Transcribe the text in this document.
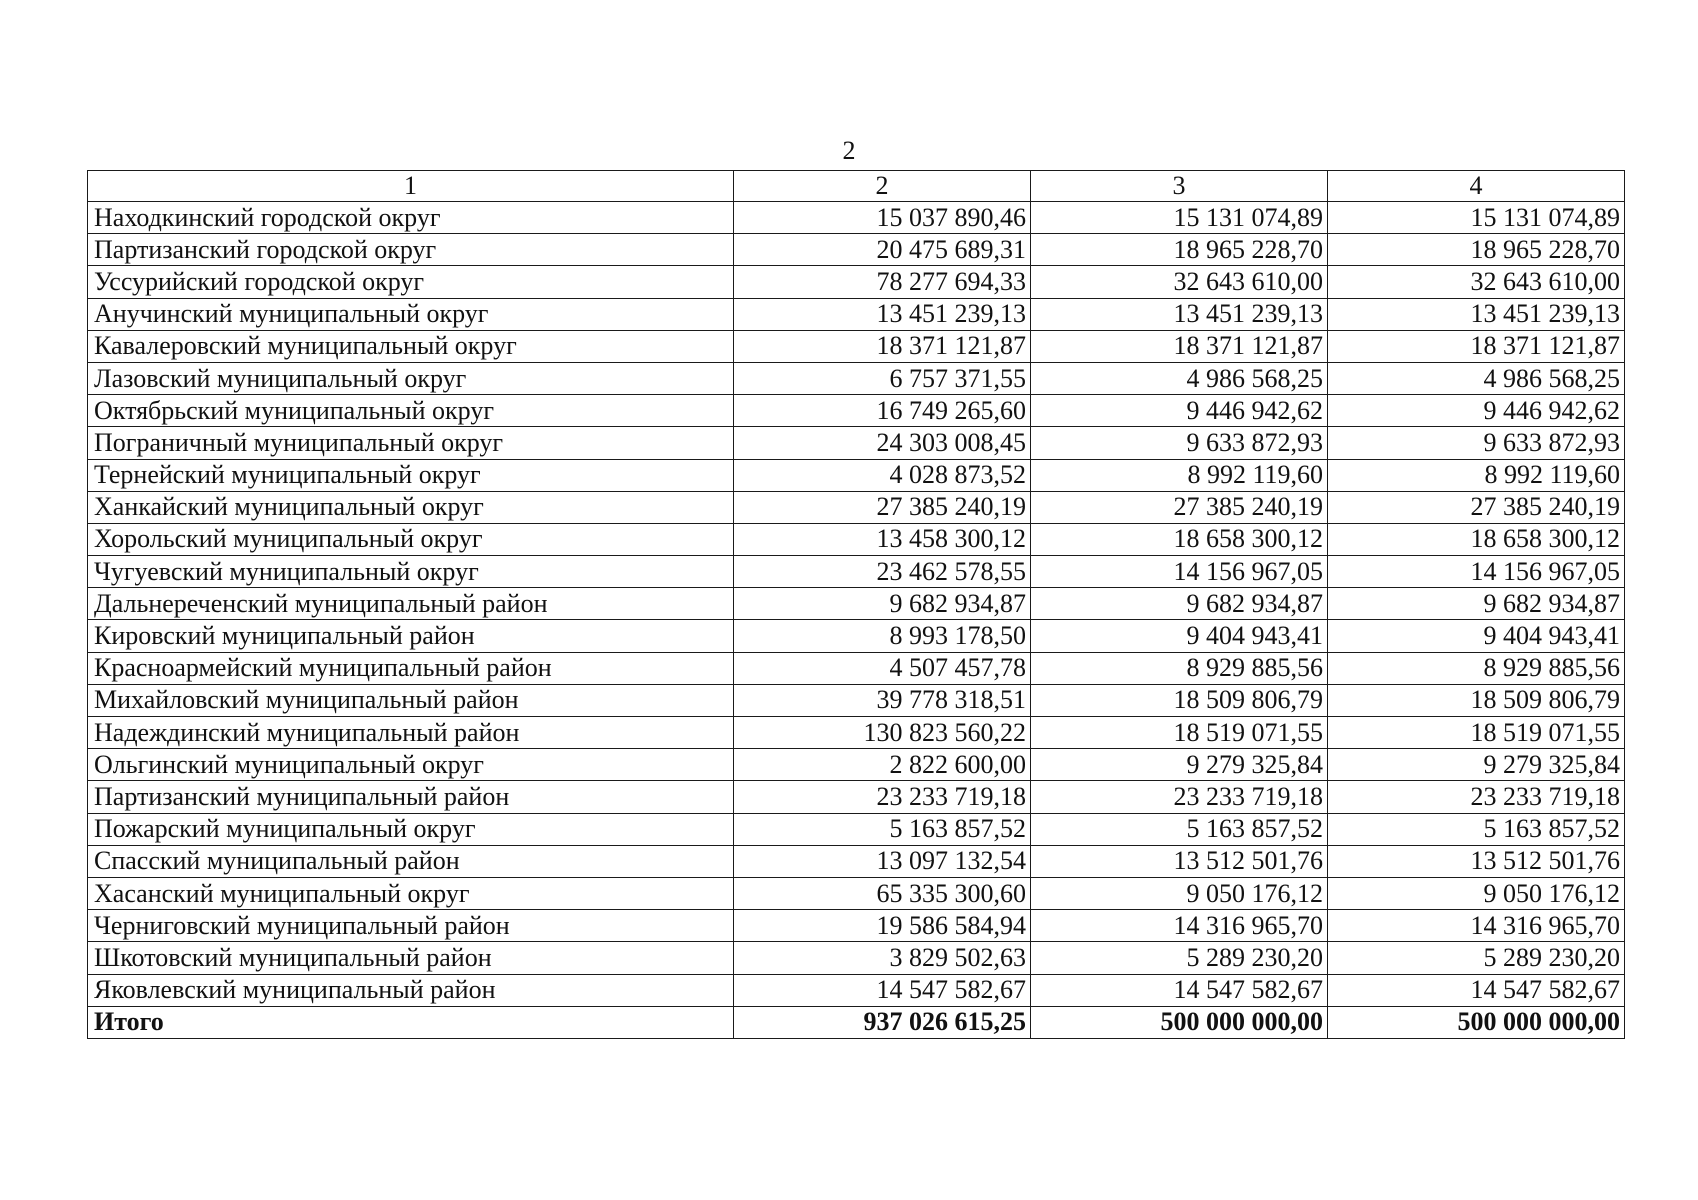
2
1	2	3	4
Находкинский городской округ	15 037 890,46	15 131 074,89	15 131 074,89
Партизанский городской округ	20 475 689,31	18 965 228,70	18 965 228,70
Уссурийский городской округ	78 277 694,33	32 643 610,00	32 643 610,00
Анучинский муниципальный округ	13 451 239,13	13 451 239,13	13 451 239,13
Кавалеровский муниципальный округ	18 371 121,87	18 371 121,87	18 371 121,87
Лазовский муниципальный округ	6 757 371,55	4 986 568,25	4 986 568,25
Октябрьский муниципальный округ	16 749 265,60	9 446 942,62	9 446 942,62
Пограничный муниципальный округ	24 303 008,45	9 633 872,93	9 633 872,93
Тернейский муниципальный округ	4 028 873,52	8 992 119,60	8 992 119,60
Ханкайский муниципальный округ	27 385 240,19	27 385 240,19	27 385 240,19
Хорольский муниципальный округ	13 458 300,12	18 658 300,12	18 658 300,12
Чугуевский муниципальный округ	23 462 578,55	14 156 967,05	14 156 967,05
Дальнереченский муниципальный район	9 682 934,87	9 682 934,87	9 682 934,87
Кировский муниципальный район	8 993 178,50	9 404 943,41	9 404 943,41
Красноармейский муниципальный район	4 507 457,78	8 929 885,56	8 929 885,56
Михайловский муниципальный район	39 778 318,51	18 509 806,79	18 509 806,79
Надеждинский муниципальный район	130 823 560,22	18 519 071,55	18 519 071,55
Ольгинский муниципальный округ	2 822 600,00	9 279 325,84	9 279 325,84
Партизанский муниципальный район	23 233 719,18	23 233 719,18	23 233 719,18
Пожарский муниципальный округ	5 163 857,52	5 163 857,52	5 163 857,52
Спасский муниципальный район	13 097 132,54	13 512 501,76	13 512 501,76
Хасанский муниципальный округ	65 335 300,60	9 050 176,12	9 050 176,12
Черниговский муниципальный район	19 586 584,94	14 316 965,70	14 316 965,70
Шкотовский муниципальный район	3 829 502,63	5 289 230,20	5 289 230,20
Яковлевский муниципальный район	14 547 582,67	14 547 582,67	14 547 582,67
Итого	937 026 615,25	500 000 000,00	500 000 000,00
